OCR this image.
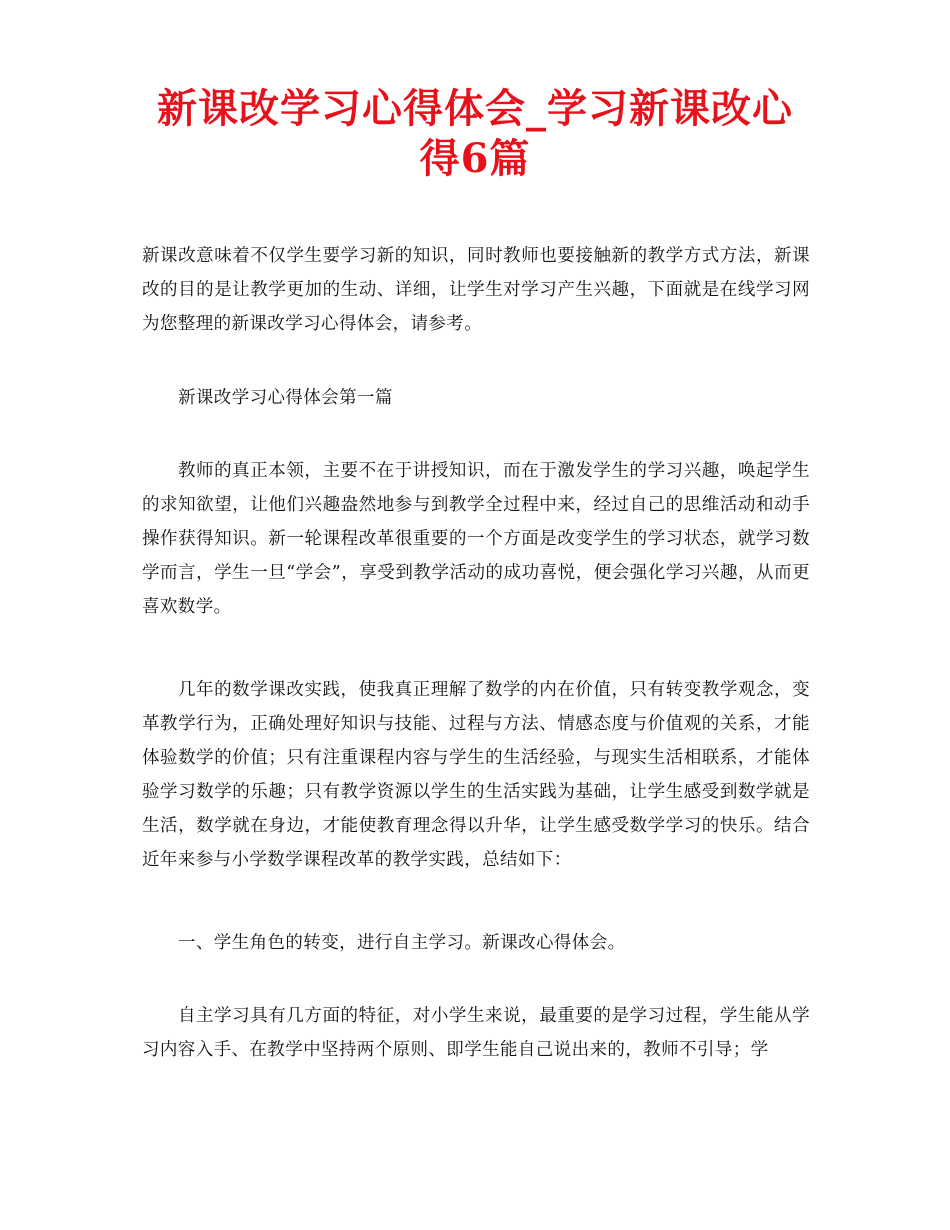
新课改学习心得体会_学习新课改心得6篇

新课改意味着不仅学生要学习新的知识，同时教师也要接触新的教学方式方法，新课改的目的是让教学更加的生动、详细，让学生对学习产生兴趣，下面就是在线学习网为您整理的新课改学习心得体会，请参考。

新课改学习心得体会第一篇

教师的真正本领，主要不在于讲授知识，而在于激发学生的学习兴趣，唤起学生的求知欲望，让他们兴趣盎然地参与到教学全过程中来，经过自己的思维活动和动手操作获得知识。新一轮课程改革很重要的一个方面是改变学生的学习状态，就学习数学而言，学生一旦“学会”，享受到教学活动的成功喜悦，便会强化学习兴趣，从而更喜欢数学。

几年的数学课改实践，使我真正理解了数学的内在价值，只有转变教学观念，变革教学行为，正确处理好知识与技能、过程与方法、情感态度与价值观的关系，才能体验数学的价值；只有注重课程内容与学生的生活经验，与现实生活相联系，才能体验学习数学的乐趣；只有教学资源以学生的生活实践为基础，让学生感受到数学就是生活，数学就在身边，才能使教育理念得以升华，让学生感受数学学习的快乐。结合近年来参与小学数学课程改革的教学实践，总结如下：

一、学生角色的转变，进行自主学习。新课改心得体会。

自主学习具有几方面的特征，对小学生来说，最重要的是学习过程，学生能从学习内容入手、在教学中坚持两个原则、即学生能自己说出来的，教师不引导；学
